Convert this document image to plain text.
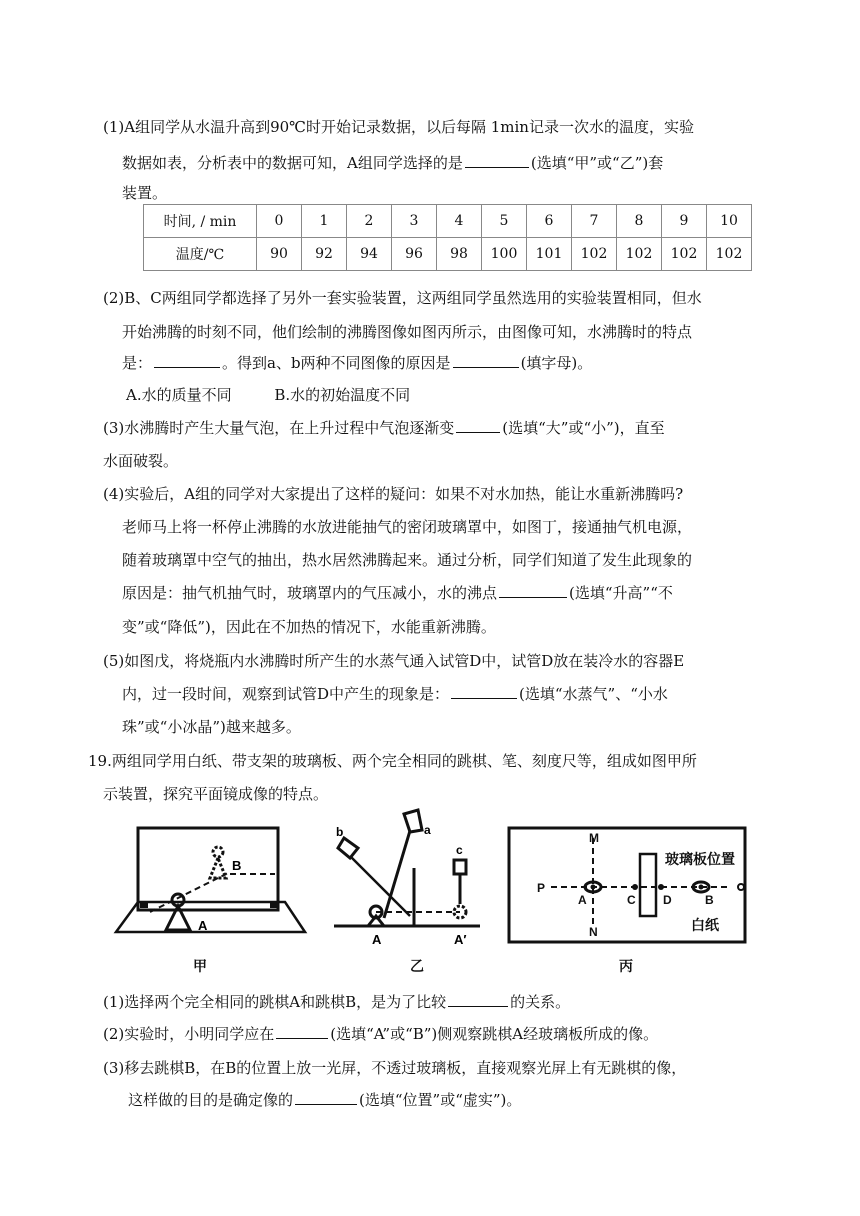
(1)A组同学从水温升高到90℃时开始记录数据，以后每隔 1min记录一次水的温度，实验
数据如表，分析表中的数据可知，A组同学选择的是	(选填“甲”或“乙”)套
装置。
时间, / min	0	1	2	3	4	5	6	7	8	9	10
温度/℃	90	92	94	96	98	100	101	102	102	102	102
(2)B、C两组同学都选择了另外一套实验装置，这两组同学虽然选用的实验装置相同，但水
开始沸腾的时刻不同，他们绘制的沸腾图像如图丙所示，由图像可知，水沸腾时的特点
是：	。得到a、b两种不同图像的原因是	(填字母)。
A.水的质量不同	B.水的初始温度不同
(3)水沸腾时产生大量气泡，在上升过程中气泡逐渐变	(选填“大”或“小”)，直至
水面破裂。
(4)实验后，A组的同学对大家提出了这样的疑问：如果不对水加热，能让水重新沸腾吗?
老师马上将一杯停止沸腾的水放进能抽气的密闭玻璃罩中，如图丁，接通抽气机电源，
随着玻璃罩中空气的抽出，热水居然沸腾起来。通过分析，同学们知道了发生此现象的
原因是：抽气机抽气时，玻璃罩内的气压减小，水的沸点	(选填“升高”“不
变”或“降低”)，因此在不加热的情况下，水能重新沸腾。
(5)如图戊，将烧瓶内水沸腾时所产生的水蒸气通入试管D中，试管D放在装冷水的容器E
内，过一段时间，观察到试管D中产生的现象是：	(选填“水蒸气”、“小水
珠”或“小冰晶”)越来越多。
19.两组同学用白纸、带支架的玻璃板、两个完全相同的跳棋、笔、刻度尺等，组成如图甲所
示装置，探究平面镜成像的特点。
B
A
甲
a
b
c
A	A′
乙
M
N
P
A	C D	B
玻璃板位置
白纸
丙
(1)选择两个完全相同的跳棋A和跳棋B，是为了比较	的关系。
(2)实验时，小明同学应在	(选填“A”或“B”)侧观察跳棋A经玻璃板所成的像。
(3)移去跳棋B，在B的位置上放一光屏，不透过玻璃板，直接观察光屏上有无跳棋的像，
这样做的目的是确定像的	(选填“位置”或“虚实”)。
